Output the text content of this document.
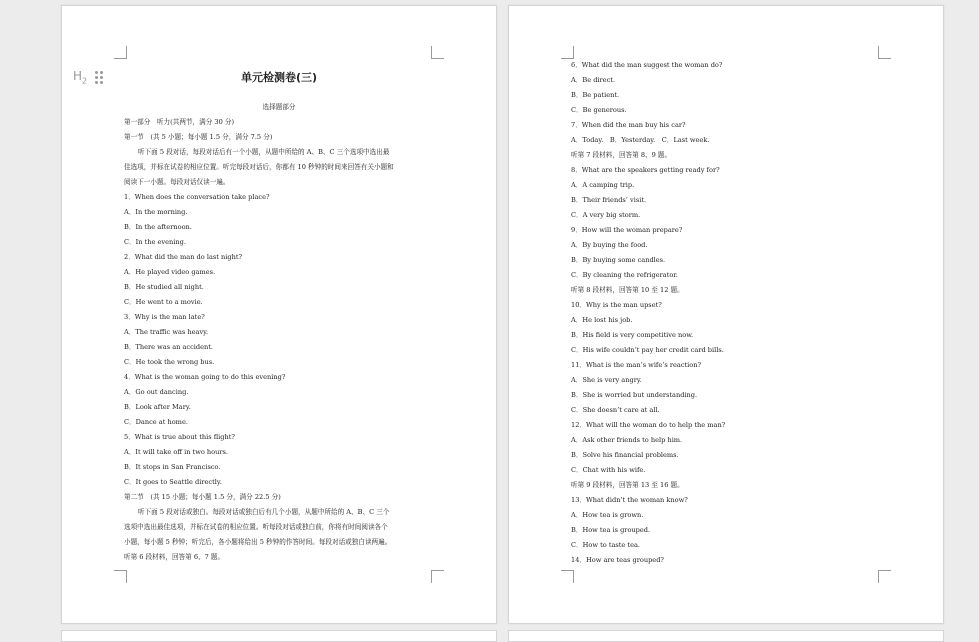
$H_2$	单元检测卷(三)
选择题部分
第一部分　听力(共两节，满分 30 分)
第一节　(共 5 小题；每小题 1.5 分，满分 7.5 分)
听下面 5 段对话，每段对话后有一个小题，从题中所给的 A、B、C 三个选项中选出最
佳选项，并标在试卷的相应位置。听完每段对话后，你都有 10 秒钟的时间来回答有关小题和
阅读下一小题。每段对话仅读一遍。
1．When does the conversation take place?
A．In the morning.
B．In the afternoon.
C．In the evening.
2．What did the man do last night?
A．He played video games.
B．He studied all night.
C．He went to a movie.
3．Why is the man late?
A．The traffic was heavy.
B．There was an accident.
C．He took the wrong bus.
4．What is the woman going to do this evening?
A．Go out dancing.
B．Look after Mary.
C．Dance at home.
5．What is true about this flight?
A．It will take off in two hours.
B．It stops in San Francisco.
C．It goes to Seattle directly.
第二节　(共 15 小题；每小题 1.5 分，满分 22.5 分)
听下面 5 段对话或独白。每段对话或独白后有几个小题，从题中所给的 A、B、C 三个
选项中选出最佳选项，并标在试卷的相应位置。听每段对话或独白前，你将有时间阅读各个
小题，每小题 5 秒钟；听完后，各小题将给出 5 秒钟的作答时间。每段对话或独白读两遍。
听第 6 段材料，回答第 6、7 题。
6．What did the man suggest the woman do?
A．Be direct.
B．Be patient.
C．Be generous.
7．When did the man buy his car?
A．Today.　B．Yesterday.　C．Last week.
听第 7 段材料，回答第 8、9 题。
8．What are the speakers getting ready for?
A．A camping trip.
B．Their friends’ visit.
C．A very big storm.
9．How will the woman prepare?
A．By buying the food.
B．By buying some candles.
C．By cleaning the refrigerator.
听第 8 段材料，回答第 10 至 12 题。
10．Why is the man upset?
A．He lost his job.
B．His field is very competitive now.
C．His wife couldn’t pay her credit card bills.
11．What is the man’s wife’s reaction?
A．She is very angry.
B．She is worried but understanding.
C．She doesn’t care at all.
12．What will the woman do to help the man?
A．Ask other friends to help him.
B．Solve his financial problems.
C．Chat with his wife.
听第 9 段材料，回答第 13 至 16 题。
13．What didn’t the woman know?
A．How tea is grown.
B．How tea is grouped.
C．How to taste tea.
14．How are teas grouped?
